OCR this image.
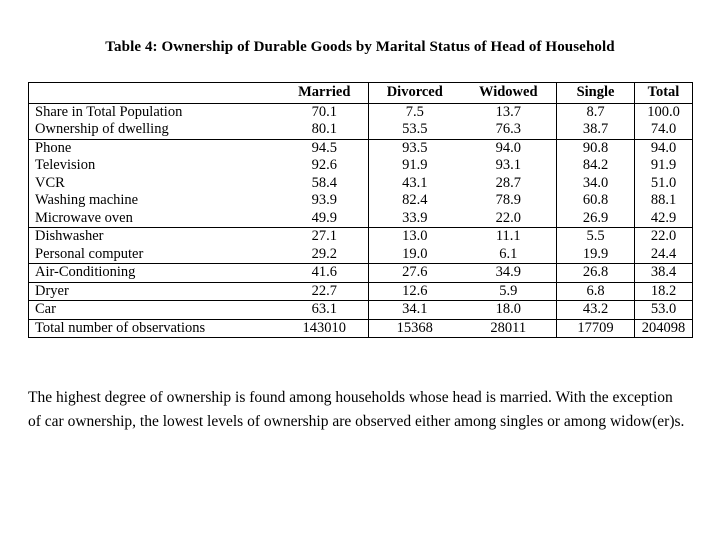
Table 4: Ownership of Durable Goods by Marital Status of Head of Household
	Married	Divorced	Widowed	Single	Total
Share in Total Population	70.1	7.5	13.7	8.7	100.0
Ownership of dwelling	80.1	53.5	76.3	38.7	74.0
Phone	94.5	93.5	94.0	90.8	94.0
Television	92.6	91.9	93.1	84.2	91.9
VCR	58.4	43.1	28.7	34.0	51.0
Washing machine	93.9	82.4	78.9	60.8	88.1
Microwave oven	49.9	33.9	22.0	26.9	42.9
Dishwasher	27.1	13.0	11.1	5.5	22.0
Personal computer	29.2	19.0	6.1	19.9	24.4
Air-Conditioning	41.6	27.6	34.9	26.8	38.4
Dryer	22.7	12.6	5.9	6.8	18.2
Car	63.1	34.1	18.0	43.2	53.0
Total number of observations	143010	15368	28011	17709	204098
The highest degree of ownership is found among households whose head is married. With the exception of car ownership, the lowest levels of ownership are observed either among singles or among widow(er)s.
